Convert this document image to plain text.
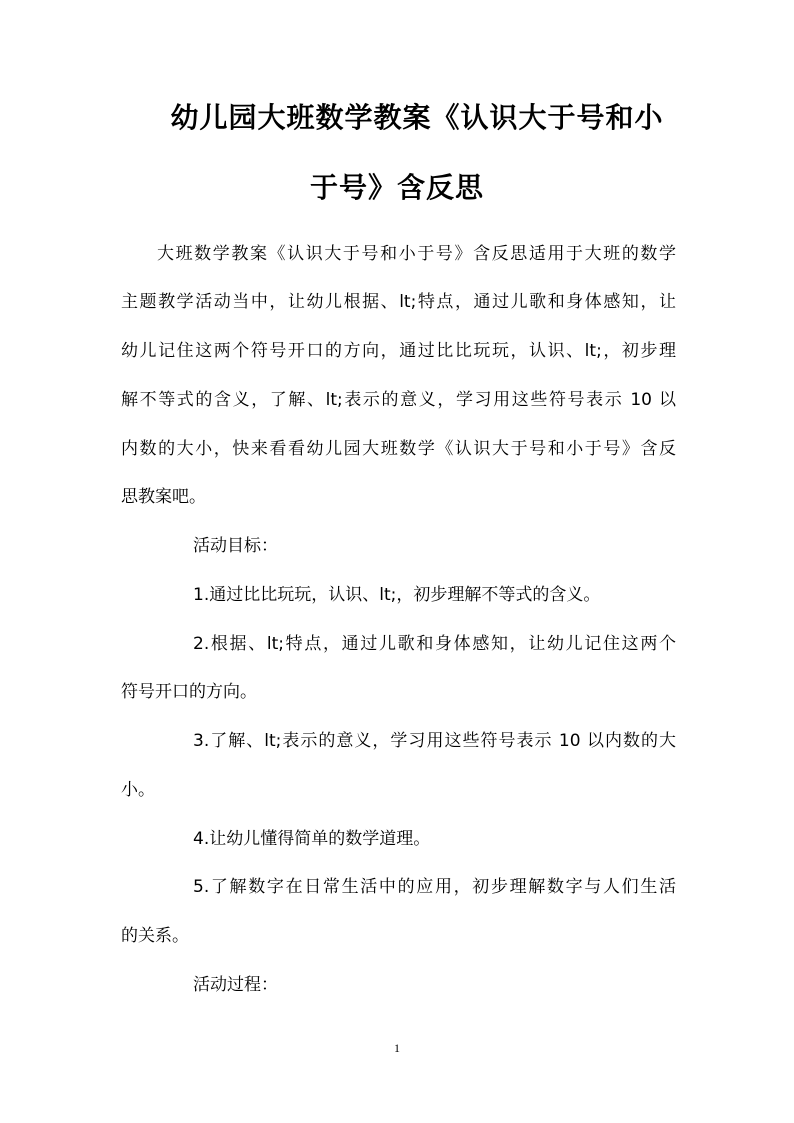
幼儿园大班数学教案《认识大于号和小
于号》含反思
大班数学教案《认识大于号和小于号》含反思适用于大班的数学
主题教学活动当中，让幼儿根据、lt;特点，通过儿歌和身体感知，让
幼儿记住这两个符号开口的方向，通过比比玩玩，认识、lt;，初步理
解不等式的含义，了解、lt;表示的意义，学习用这些符号表示 10 以
内数的大小，快来看看幼儿园大班数学《认识大于号和小于号》含反
思教案吧。
活动目标：
1.通过比比玩玩，认识、lt;，初步理解不等式的含义。
2.根据、lt;特点，通过儿歌和身体感知，让幼儿记住这两个
符号开口的方向。
3.了解、lt;表示的意义，学习用这些符号表示 10 以内数的大
小。
4.让幼儿懂得简单的数学道理。
5.了解数字在日常生活中的应用，初步理解数字与人们生活
的关系。
活动过程：
1
